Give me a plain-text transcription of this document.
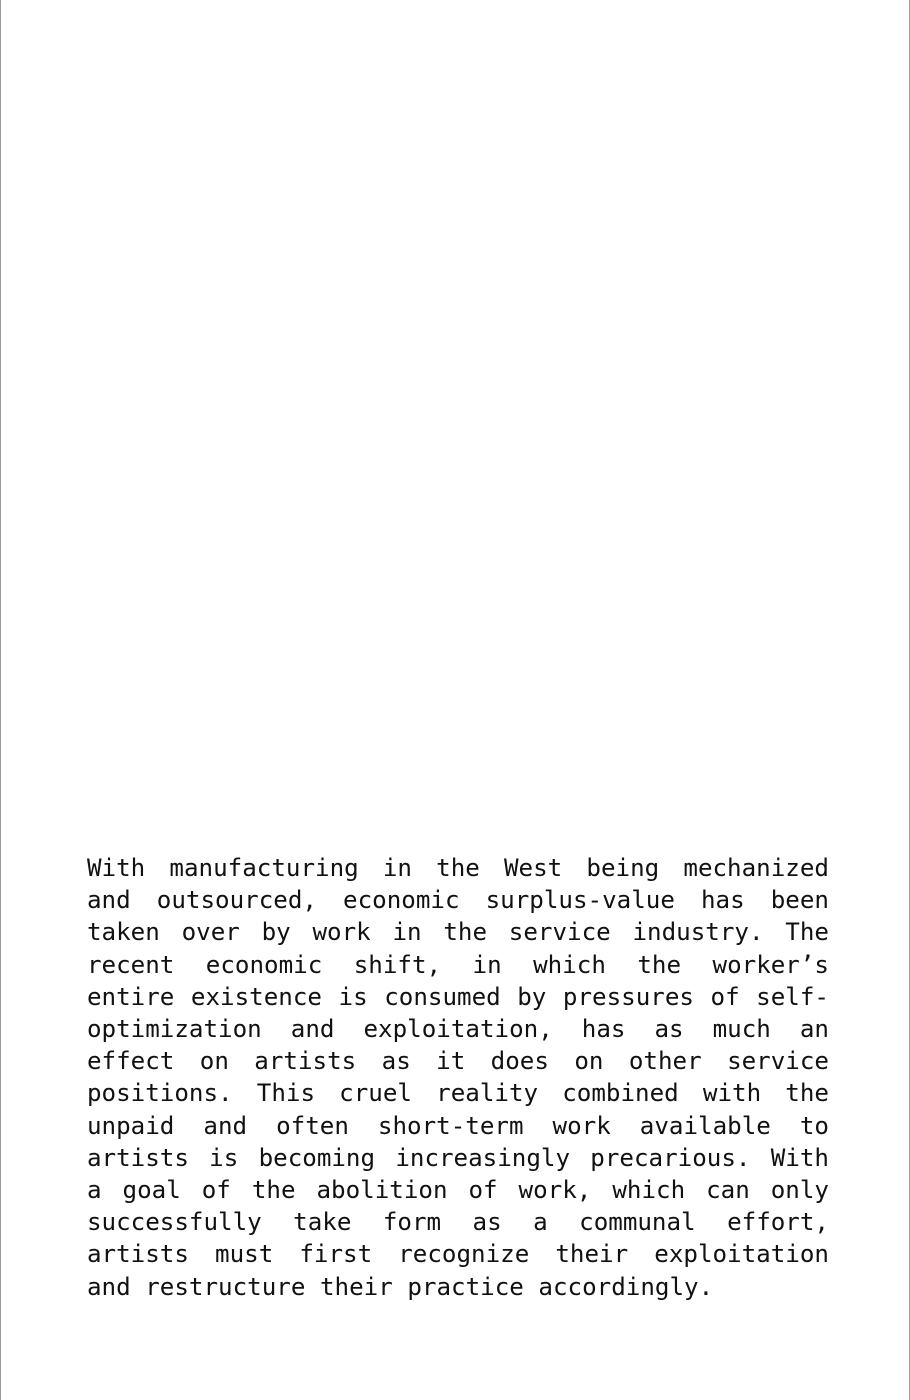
With manufacturing in the West being mechanized and outsourced, economic surplus-value has been taken over by work in the service industry. The recent economic shift, in which the worker’s entire existence is consumed by pressures of self-optimization and exploitation, has as much an effect on artists as it does on other service positions. This cruel reality combined with the unpaid and often short-term work available to artists is becoming increasingly precarious. With a goal of the abolition of work, which can only successfully take form as a communal effort, artists must first recognize their exploitation and restructure their practice accordingly.
